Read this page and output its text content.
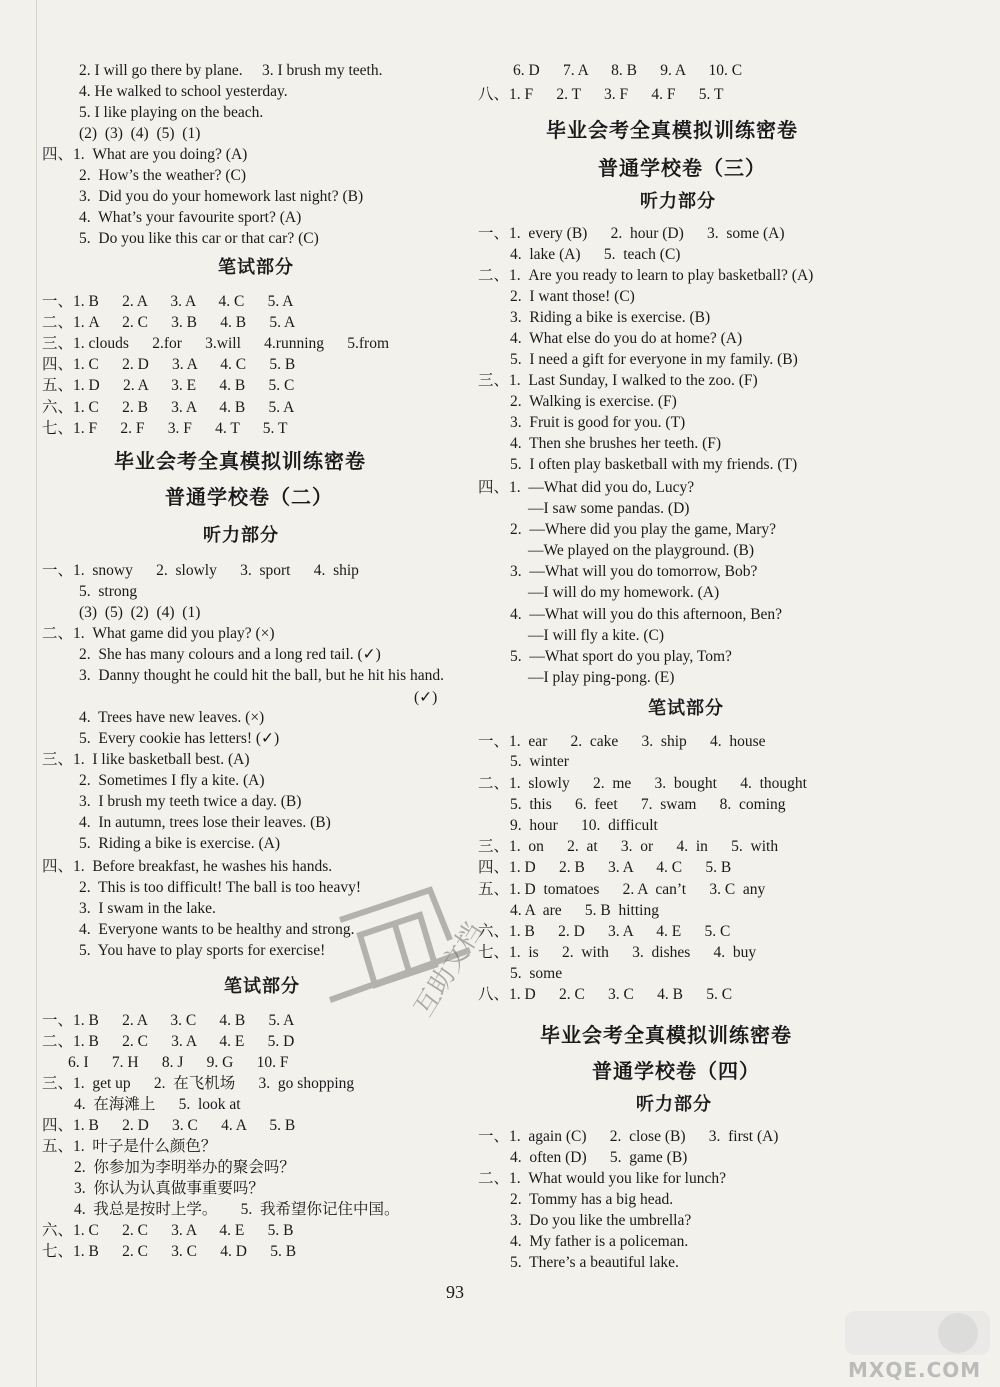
2. I will go there by plane.     3. I brush my teeth.
4. He walked to school yesterday.
5. I like playing on the beach.
(2)  (3)  (4)  (5)  (1)
四、1.  What are you doing? (A)
2.  How’s the weather? (C)
3.  Did you do your homework last night? (B)
4.  What’s your favourite sport? (A)
5.  Do you like this car or that car? (C)
笔试部分
一、1. B      2. A      3. A      4. C      5. A
二、1. A      2. C      3. B      4. B      5. A
三、1. clouds      2.for      3.will      4.running      5.from
四、1. C      2. D      3. A      4. C      5. B
五、1. D      2. A      3. E      4. B      5. C
六、1. C      2. B      3. A      4. B      5. A
七、1. F      2. F      3. F      4. T      5. T
毕业会考全真模拟训练密卷
普通学校卷（二）
听力部分
一、1.  snowy      2.  slowly      3.  sport      4.  ship
5.  strong
(3)  (5)  (2)  (4)  (1)
二、1.  What game did you play? (×)
2.  She has many colours and a long red tail. (✓)
3.  Danny thought he could hit the ball, but he hit his hand.
(✓)
4.  Trees have new leaves. (×)
5.  Every cookie has letters! (✓)
三、1.  I like basketball best. (A)
2.  Sometimes I fly a kite. (A)
3.  I brush my teeth twice a day. (B)
4.  In autumn, trees lose their leaves. (B)
5.  Riding a bike is exercise. (A)
四、1.  Before breakfast, he washes his hands.
2.  This is too difficult! The ball is too heavy!
3.  I swam in the lake.
4.  Everyone wants to be healthy and strong.
5.  You have to play sports for exercise!
笔试部分
一、1. B      2. A      3. C      4. B      5. A
二、1. B      2. C      3. A      4. E      5. D
6. I      7. H      8. J      9. G      10. F
三、1.  get up      2.  在飞机场      3.  go shopping
4.  在海滩上      5.  look at
四、1. B      2. D      3. C      4. A      5. B
五、1.  叶子是什么颜色？
2.  你参加为李明举办的聚会吗？
3.  你认为认真做事重要吗？
4.  我总是按时上学。      5.  我希望你记住中国。
六、1. C      2. C      3. A      4. E      5. B
七、1. B      2. C      3. C      4. D      5. B
6. D      7. A      8. B      9. A      10. C
八、1. F      2. T      3. F      4. F      5. T
毕业会考全真模拟训练密卷
普通学校卷（三）
听力部分
一、1.  every (B)      2.  hour (D)      3.  some (A)
4.  lake (A)      5.  teach (C)
二、1.  Are you ready to learn to play basketball? (A)
2.  I want those! (C)
3.  Riding a bike is exercise. (B)
4.  What else do you do at home? (A)
5.  I need a gift for everyone in my family. (B)
三、1.  Last Sunday, I walked to the zoo. (F)
2.  Walking is exercise. (F)
3.  Fruit is good for you. (T)
4.  Then she brushes her teeth. (F)
5.  I often play basketball with my friends. (T)
四、1.  —What did you do, Lucy?
—I saw some pandas. (D)
2.  —Where did you play the game, Mary?
—We played on the playground. (B)
3.  —What will you do tomorrow, Bob?
—I will do my homework. (A)
4.  —What will you do this afternoon, Ben?
—I will fly a kite. (C)
5.  —What sport do you play, Tom?
—I play ping-pong. (E)
笔试部分
一、1.  ear      2.  cake      3.  ship      4.  house
5.  winter
二、1.  slowly      2.  me      3.  bought      4.  thought
5.  this      6.  feet      7.  swam      8.  coming
9.  hour      10.  difficult
三、1.  on      2.  at      3.  or      4.  in      5.  with
四、1. D      2. B      3. A      4. C      5. B
五、1. D  tomatoes      2. A  can’t      3. C  any
4. A  are      5. B  hitting
六、1. B      2. D      3. A      4. E      5. C
七、1.  is      2.  with      3.  dishes      4.  buy
5.  some
八、1. D      2. C      3. C      4. B      5. C
毕业会考全真模拟训练密卷
普通学校卷（四）
听力部分
一、1.  again (C)      2.  close (B)      3.  first (A)
4.  often (D)      5.  game (B)
二、1.  What would you like for lunch?
2.  Tommy has a big head.
3.  Do you like the umbrella?
4.  My father is a policeman.
5.  There’s a beautiful lake.
93
互助文档
MXQE.COM
